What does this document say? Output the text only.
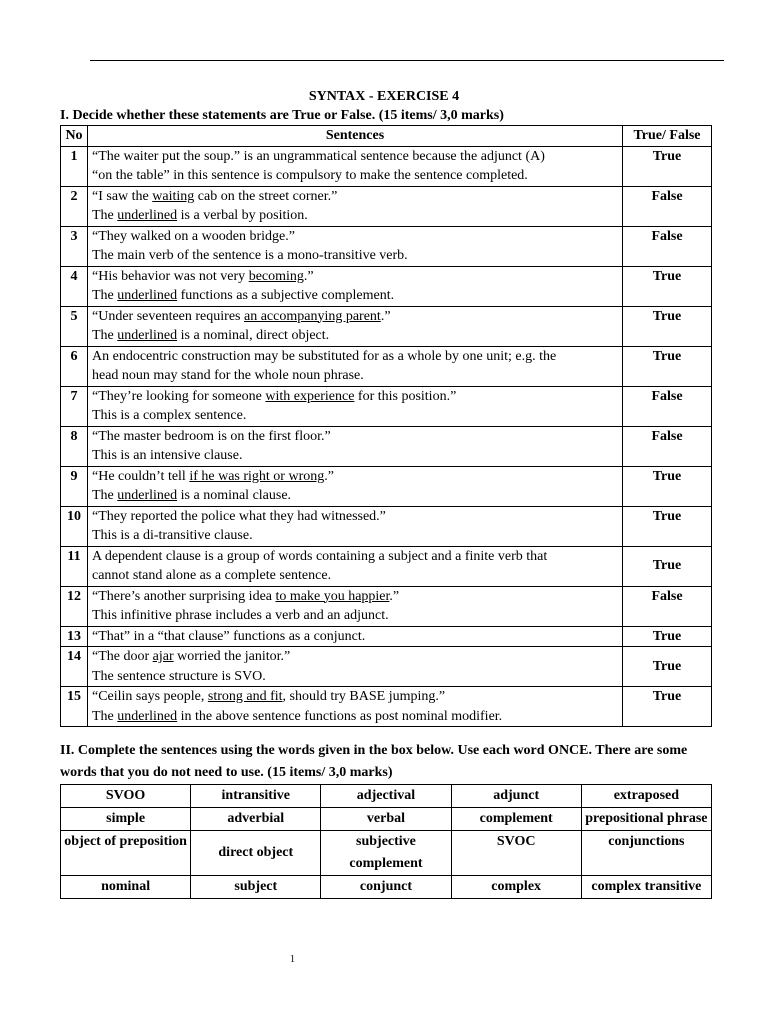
SYNTAX - EXERCISE 4
I. Decide whether these statements are True or False. (15 items/ 3,0 marks)
No	Sentences	True/ False
1	“The waiter put the soup.” is an ungrammatical sentence because the adjunct (A)
“on the table” in this sentence is compulsory to make the sentence completed.	True
2	“I saw the waiting cab on the street corner.”
The underlined is a verbal by position.	False
3	“They walked on a wooden bridge.”
The main verb of the sentence is a mono-transitive verb.	False
4	“His behavior was not very becoming.”
The underlined functions as a subjective complement.	True
5	“Under seventeen requires an accompanying parent.”
The underlined is a nominal, direct object.	True
6	An endocentric construction may be substituted for as a whole by one unit; e.g. the
head noun may stand for the whole noun phrase.	True
7	“They’re looking for someone with experience for this position.”
This is a complex sentence.	False
8	“The master bedroom is on the first floor.”
This is an intensive clause.	False
9	“He couldn’t tell if he was right or wrong.”
The underlined is a nominal clause.	True
10	“They reported the police what they had witnessed.”
This is a di-transitive clause.	True
11	A dependent clause is a group of words containing a subject and a finite verb that
cannot stand alone as a complete sentence.	True
12	“There’s another surprising idea to make you happier.”
This infinitive phrase includes a verb and an adjunct.	False
13	“That” in a “that clause” functions as a conjunct.	True
14	“The door ajar worried the janitor.”
The sentence structure is SVO.	True
15	“Ceilin says people, strong and fit, should try BASE jumping.”
The underlined in the above sentence functions as post nominal modifier.	True
II. Complete the sentences using the words given in the box below. Use each word ONCE. There are some words that you do not need to use. (15 items/ 3,0 marks)
SVOO	intransitive	adjectival	adjunct	extraposed
simple	adverbial	verbal	complement	prepositional phrase
object of preposition	direct object	subjective complement	SVOC	conjunctions
nominal	subject	conjunct	complex	complex transitive
1
